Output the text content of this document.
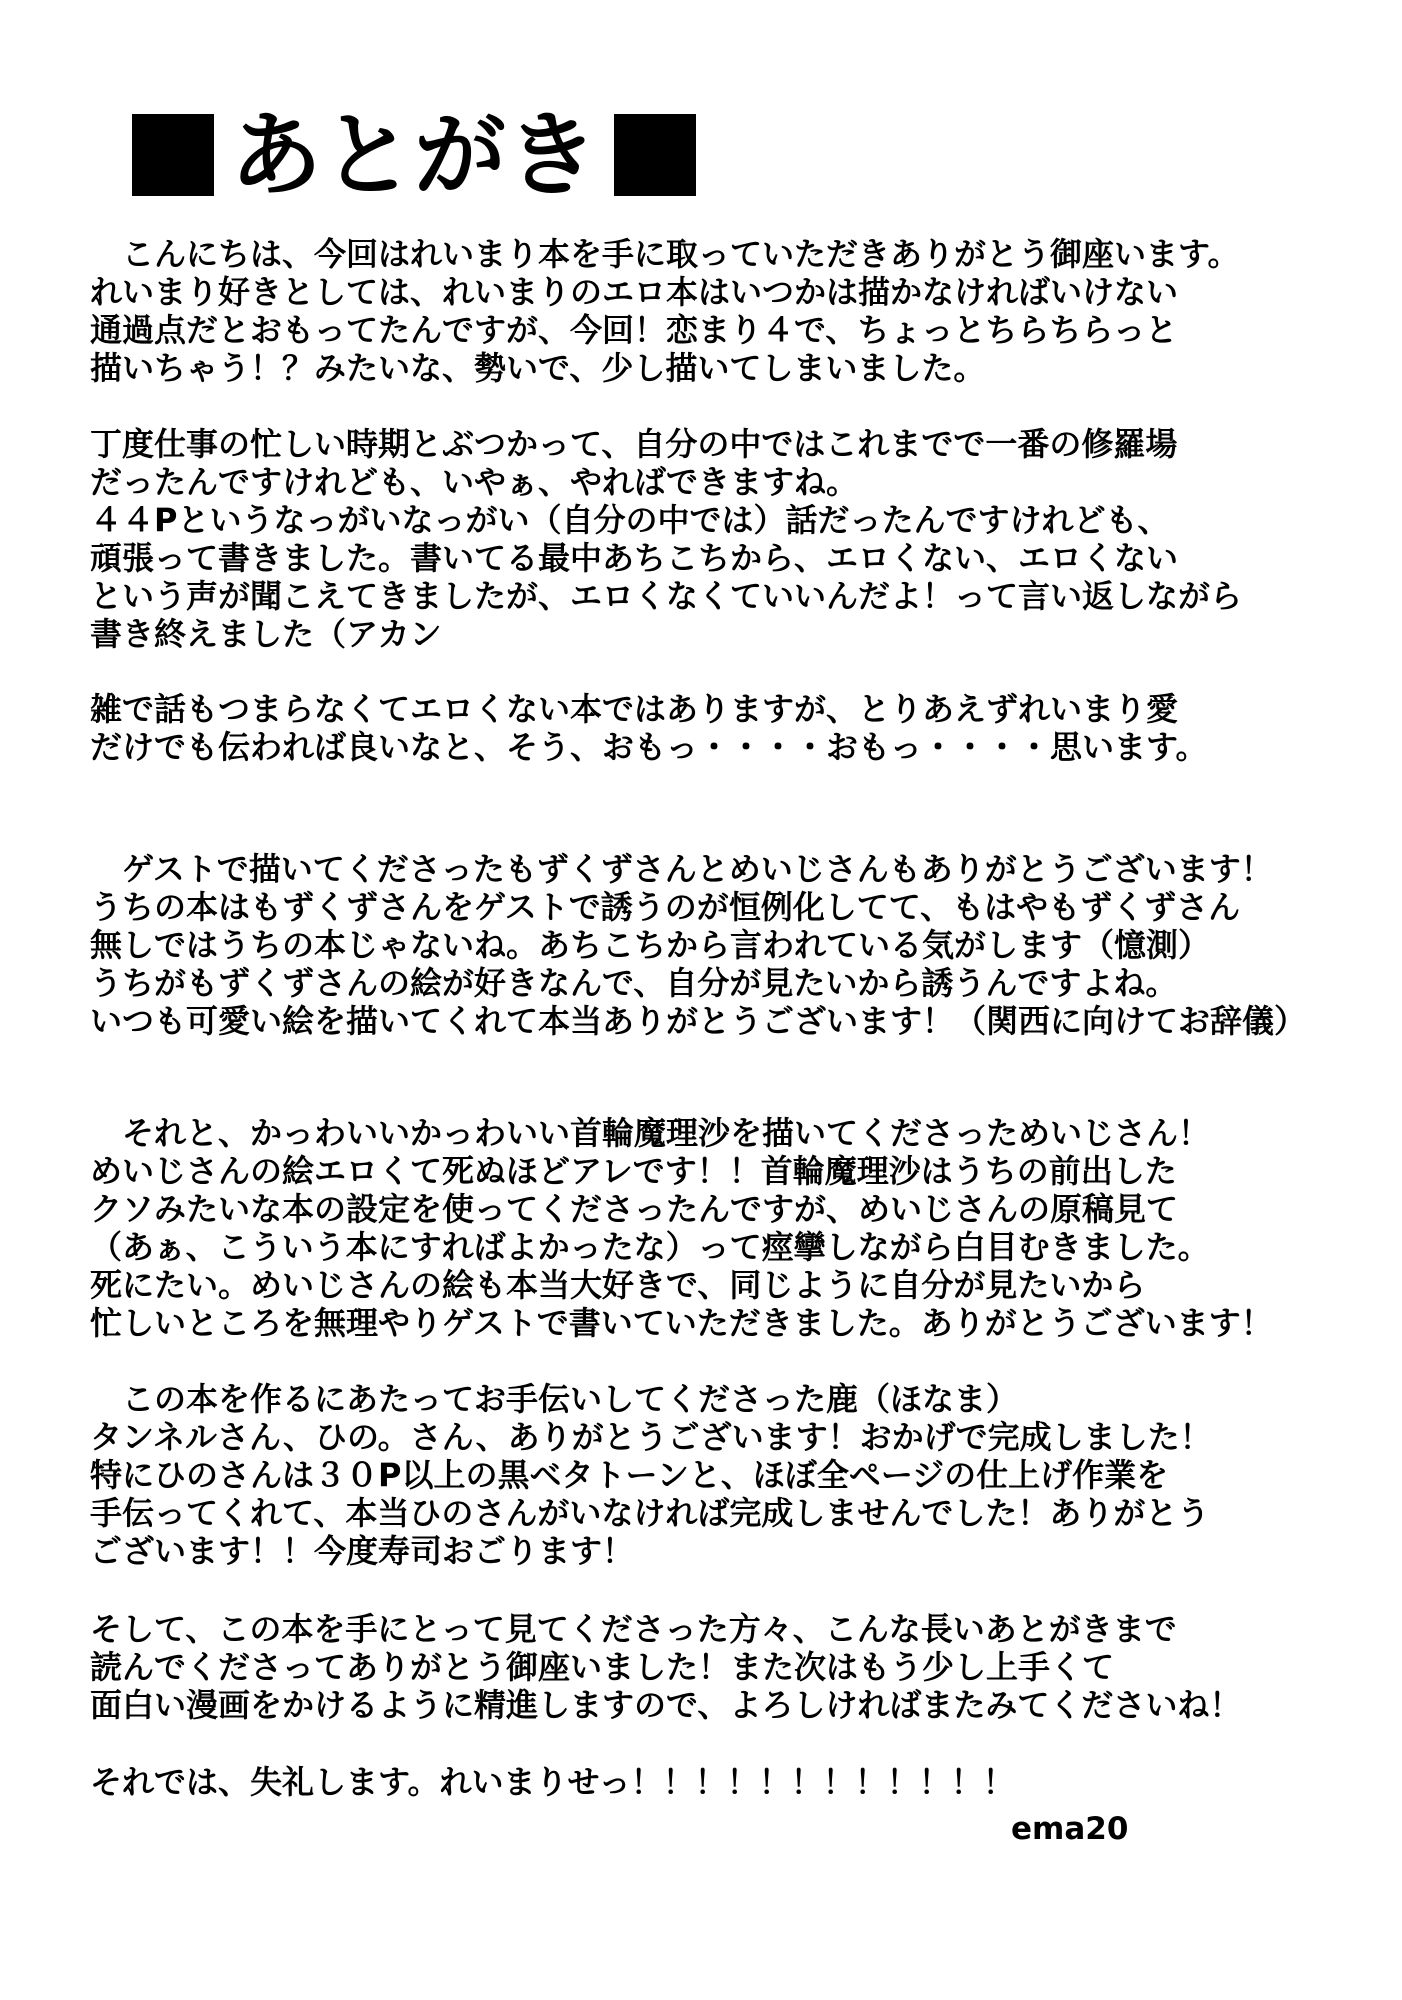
あとがき
　こんにちは、今回はれいまり本を手に取っていただきありがとう御座います。
れいまり好きとしては、れいまりのエロ本はいつかは描かなければいけない
通過点だとおもってたんですが、今回！恋まり４で、ちょっとちらちらっと
描いちゃう！？みたいな、勢いで、少し描いてしまいました。
丁度仕事の忙しい時期とぶつかって、自分の中ではこれまでで一番の修羅場
だったんですけれども、いやぁ、やればできますね。
４４Pというなっがいなっがい（自分の中では）話だったんですけれども、
頑張って書きました。書いてる最中あちこちから、エロくない、エロくない
という声が聞こえてきましたが、エロくなくていいんだよ！って言い返しながら
書き終えました（アカン
雑で話もつまらなくてエロくない本ではありますが、とりあえずれいまり愛
だけでも伝われば良いなと、そう、おもっ・・・・おもっ・・・・思います。
　ゲストで描いてくださったもずくずさんとめいじさんもありがとうございます！
うちの本はもずくずさんをゲストで誘うのが恒例化してて、もはやもずくずさん
無しではうちの本じゃないね。あちこちから言われている気がします（憶測）
うちがもずくずさんの絵が好きなんで、自分が見たいから誘うんですよね。
いつも可愛い絵を描いてくれて本当ありがとうございます！（関西に向けてお辞儀）
　それと、かっわいいかっわいい首輪魔理沙を描いてくださっためいじさん！
めいじさんの絵エロくて死ぬほどアレです！！首輪魔理沙はうちの前出した
クソみたいな本の設定を使ってくださったんですが、めいじさんの原稿見て
（あぁ、こういう本にすればよかったな）って痙攣しながら白目むきました。
死にたい。めいじさんの絵も本当大好きで、同じように自分が見たいから
忙しいところを無理やりゲストで書いていただきました。ありがとうございます！
　この本を作るにあたってお手伝いしてくださった鹿（ほなま）
タンネルさん、ひの。さん、ありがとうございます！おかげで完成しました！
特にひのさんは３０P以上の黒ベタトーンと、ほぼ全ページの仕上げ作業を
手伝ってくれて、本当ひのさんがいなければ完成しませんでした！ありがとう
ございます！！今度寿司おごります！
そして、この本を手にとって見てくださった方々、こんな長いあとがきまで
読んでくださってありがとう御座いました！また次はもう少し上手くて
面白い漫画をかけるように精進しますので、よろしければまたみてくださいね！
それでは、失礼します。れいまりせっ！！！！！！！！！！！！
ema20
